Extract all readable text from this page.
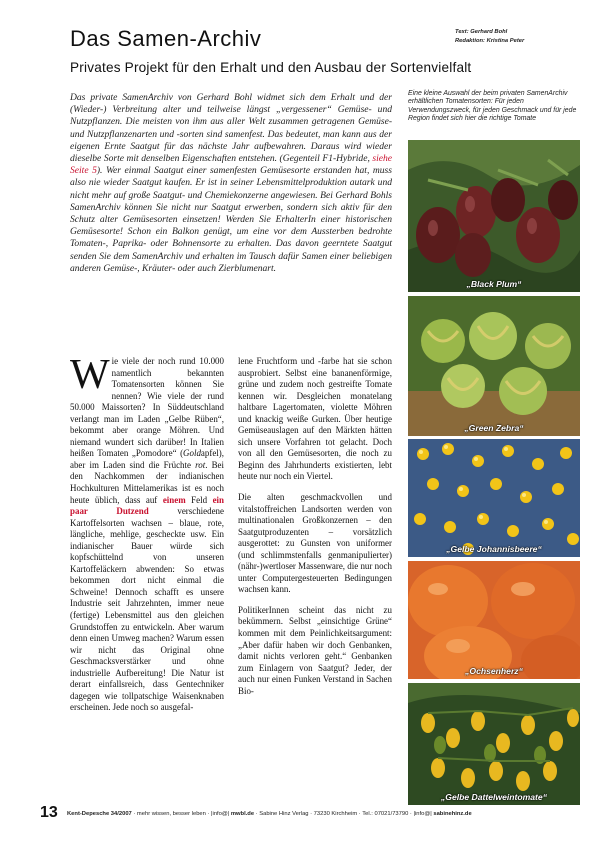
Text: Gerhard Bohl
Redaktion: Kristina Peter
Das Samen-Archiv
Privates Projekt für den Erhalt und den Ausbau der Sortenvielfalt

Das private SamenArchiv von Gerhard Bohl widmet sich dem Erhalt und der (Wieder-) Verbreitung alter und teilweise längst „vergessener“ Gemüse- und Nutzpflanzen. Die meisten von ihm aus aller Welt zusammen getragenen Gemüse- und Nutzpflanzenarten und -sorten sind samenfest. Das bedeutet, man kann aus der eigenen Ernte Saatgut für das nächste Jahr aufbewahren. Daraus wird wieder dieselbe Sorte mit denselben Eigenschaften entstehen. (Gegenteil F1-Hybride, siehe Seite 5). Wer einmal Saatgut einer samenfesten Gemüsesorte erstanden hat, muss also nie wieder Saatgut kaufen. Er ist in seiner Lebensmittelproduktion autark und nicht mehr auf große Saatgut- und Chemiekonzerne angewiesen. Bei Gerhard Bohls SamenArchiv können Sie nicht nur Saatgut erwerben, sondern sich aktiv für den Schutz alter Gemüsesorten einsetzen! Werden Sie ErhalterIn einer historischen Gemüsesorte! Schon ein Balkon genügt, um eine vor dem Aussterben bedrohte Tomaten-, Paprika- oder Bohnensorte zu erhalten. Das davon geerntete Saatgut senden Sie dem SamenArchiv und erhalten im Tausch dafür Samen einer beliebigen anderen Gemüse-, Kräuter- oder auch Zierblumenart.

Wie viele der noch rund 10.000 namentlich bekannten Tomatensorten können Sie nennen? Wie viele der rund 50.000 Maissorten? In Süddeutschland verlangt man im Laden „Gelbe Rüben“, bekommt aber orange Möhren. Und niemand wundert sich darüber! In Italien heißen Tomaten „Pomodore“ (Goldapfel), aber im Laden sind die Früchte rot. Bei den Nachkommen der indianischen Hochkulturen Mittelamerikas ist es noch heute üblich, dass auf einem Feld ein paar Dutzend verschiedene Kartoffelsorten wachsen – blaue, rote, längliche, mehlige, gescheckte usw. Ein indianischer Bauer würde sich kopfschüttelnd von unseren Kartoffeläckern abwenden: So etwas bekommen dort nicht einmal die Schweine! Dennoch schafft es unsere Industrie seit Jahrzehnten, immer neue (fertige) Lebensmittel aus den gleichen Grundstoffen zu entwickeln. Aber warum denn einen Umweg machen? Warum essen wir nicht das Original ohne Geschmacksverstärker und ohne industrielle Aufbereitung! Die Natur ist derart einfallsreich, dass Gentechniker dagegen wie tollpatschige Waisenknaben erscheinen. Jede noch so ausgefal-

lene Fruchtform und -farbe hat sie schon ausprobiert. Selbst eine bananenförmige, grüne und zudem noch gestreifte Tomate kennen wir. Desgleichen monatelang haltbare Lagertomaten, violette Möhren und knackig weiße Gurken. Über heutige Gemüseauslagen auf den Märkten hätten sich unsere Vorfahren tot gelacht. Doch von all den Gemüsesorten, die noch zu Beginn des Jahrhunderts existierten, lebt heute nur noch ein Viertel.

Die alten geschmackvollen und vitalstoffreichen Landsorten werden von multinationalen Großkonzernen – den Saatgutproduzenten – vorsätzlich ausgerottet: zu Gunsten von uniformer (und schlimmstenfalls genmanipulierter) (nähr-)wertloser Massenware, die nur noch unter Computergesteuerten Bedingungen wachsen kann.

PolitikerInnen scheint das nicht zu bekümmern. Selbst „einsichtige Grüne“ kommen mit dem Peinlichkeitsargument: „Aber dafür haben wir doch Genbanken, damit nichts verloren geht.“ Genbanken zum Einlagern von Saatgut? Jeder, der auch nur einen Funken Verstand in Sachen Bio-

Eine kleine Auswahl der beim privaten SamenArchiv erhältlichen Tomatensorten: Für jeden Verwendungszweck, für jeden Geschmack und für jede Region findet sich hier die richtige Tomate

„Black Plum“
„Green Zebra“
„Gelbe Johannisbeere“
„Ochsenherz“
„Gelbe Dattelweintomate“
13 Kent-Depesche 34/2007 · mehr wissen, besser leben · |info@| mwbl.de · Sabine Hinz Verlag · 73230 Kirchheim · Tel.: 07021/73790 · |info@| sabinehinz.de
